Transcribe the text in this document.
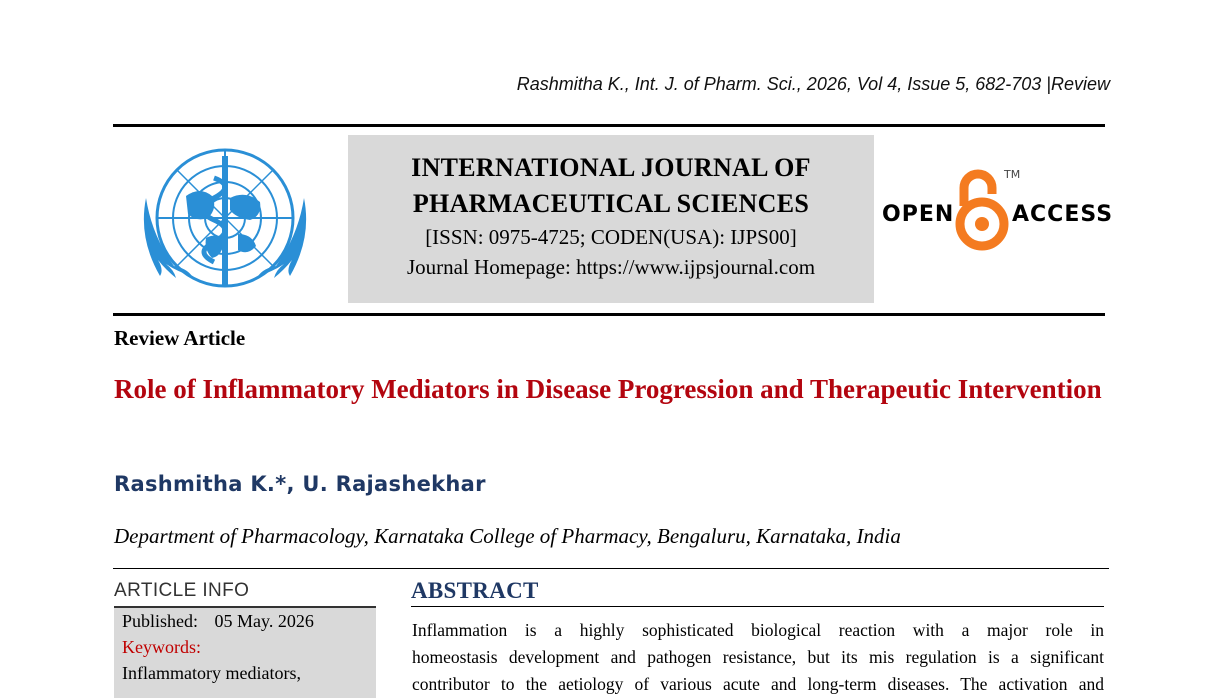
Rashmitha K., Int. J. of Pharm. Sci., 2026, Vol 4, Issue 5, 682-703 |Review
INTERNATIONAL JOURNAL OF
PHARMACEUTICAL SCIENCES
[ISSN: 0975-4725; CODEN(USA): IJPS00]
Journal Homepage: https://www.ijpsjournal.com
OPEN
TM
ACCESS
Review Article
Role of Inflammatory Mediators in Disease Progression and Therapeutic Intervention
Rashmitha K.*, U. Rajashekhar
Department of Pharmacology, Karnataka College of Pharmacy, Bengaluru, Karnataka, India
ARTICLE INFO
Published: 05 May. 2026
Keywords:
Inflammatory mediators,
ABSTRACT
Inflammation is a highly sophisticated biological reaction with a major role in
homeostasis development and pathogen resistance, but its mis regulation is a significant
contributor to the aetiology of various acute and long-term diseases. The activation and
